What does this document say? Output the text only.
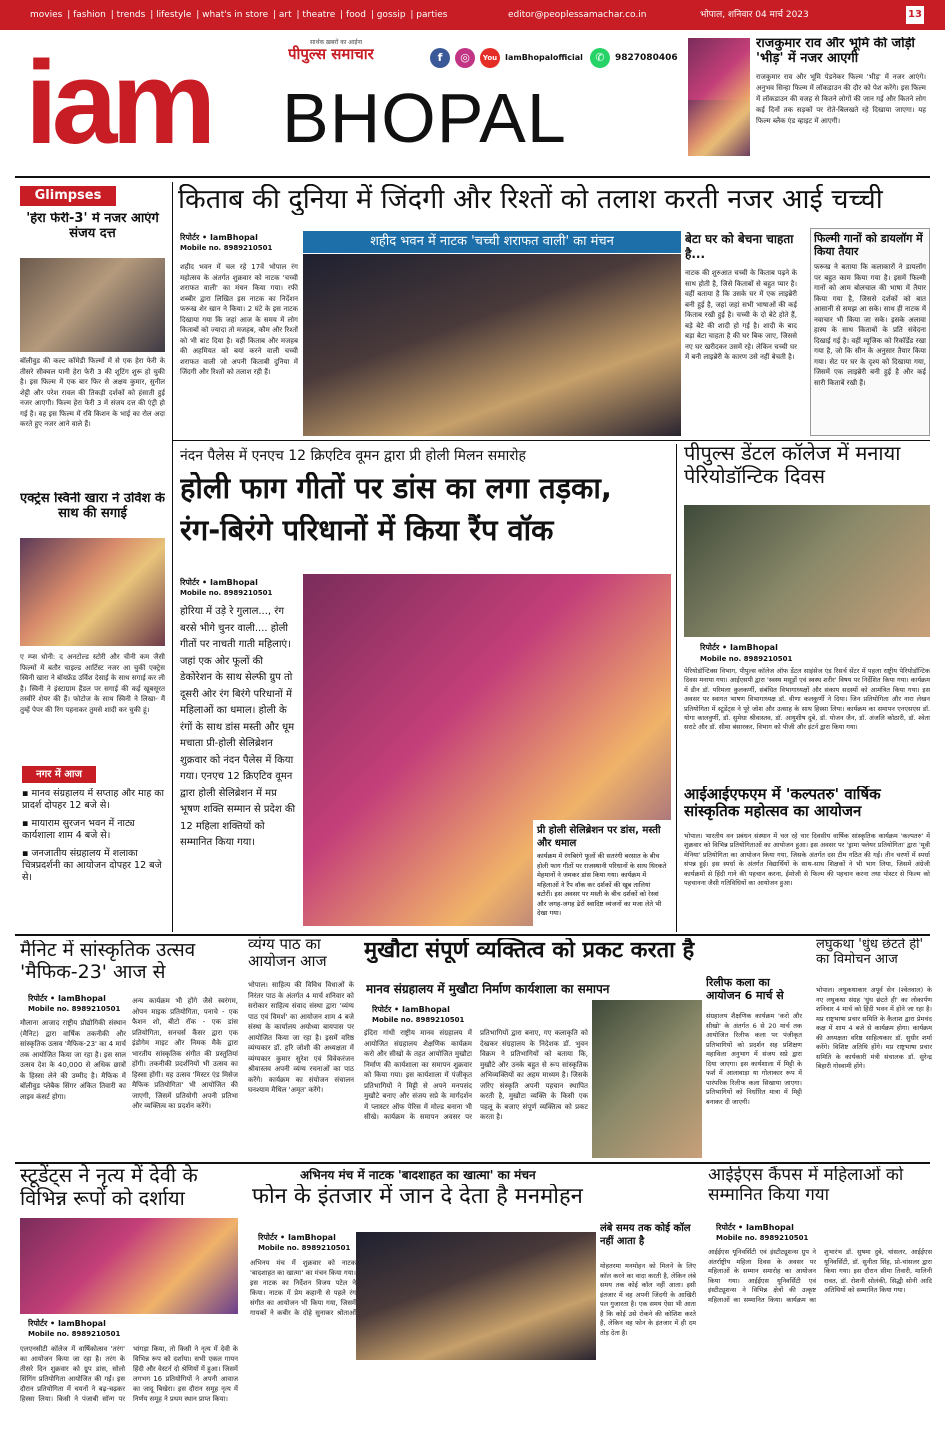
movies | fashion | trends | lifestyle | what's in store | art | theatre | food | gossip | parties	editor@peoplessamachar.co.in	भोपाल, शनिवार 04 मार्च 2023	13
सार्थक ख़बरों का आईना
पीपुल्स समाचार	f	◎	You IamBhopalofficial	✆	9827080406
iam BHOPAL
राजकुमार राव और भूमि की जोड़ी 'भीड़' में नजर आएगी
राजकुमार राव और भूमि पेडनेकर फिल्म 'भीड़' में नजर आएंगे। अनुभव सिन्हा फिल्म में लॉकडाउन की दौर को पेश करेंगे। इस फिल्म में लॉकडाउन की वजह से कितने लोगों की जान गई और कितने लोग कई दिनों तक सड़कों पर रोते-बिलखते रहे दिखाया जाएगा। यह फिल्म ब्लैक एंड व्हाइट में आएगी।
Glimpses
'हेरा फेरी-3' में नजर आएंगे संजय दत्त
बॉलीवुड की कल्ट कॉमेडी फिल्मों में से एक हेरा फेरी के तीसरे सीक्वल यानी हेरा फेरी 3 की शूटिंग शुरू हो चुकी है। इस फिल्म में एक बार फिर से अक्षय कुमार, सुनील शेट्टी और परेश रावल की तिकड़ी दर्शकों को हंसाती हुई नजर आएगी। फिल्म हेरा फेरी 3 में संजय दत्त की एंट्री हो गई है। वह इस फिल्म में रवि किशन के भाई का रोल अदा करते हुए नजर आने वाले हैं।
एक्ट्रेस स्विनी खारा ने उर्विश के साथ की सगाई
ए म्प्स धोनी: द अनटोल्ड स्टोरी और चीनी कम जैसी फिल्मों में बतौर चाइल्ड आर्टिस्ट नजर आ चुकीं एक्ट्रेस स्विनी खारा ने बॉयफ्रेंड उर्विश देसाई के साथ सगाई कर ली है। स्विनी ने इंस्टाग्राम हैंडल पर सगाई की कई खूबसूरत तस्वीरें शेयर की हैं। फोटोज के साथ स्विनी ने लिखा- मैं तुम्हें पेपर की रिंग पहनाकर तुमसे शादी कर चुकी हूं।
नगर में आज
▪ मानव संग्रहालय में सप्ताह और माह का प्रादर्श दोपहर 12 बजे से।
▪ मायाराम सुरजन भवन में नाट्य कार्यशाला शाम 4 बजे से।
▪ जनजातीय संग्रहालय में शलाका चित्रप्रदर्शनी का आयोजन दोपहर 12 बजे से।
किताब की दुनिया में जिंदगी और रिश्तों को तलाश करती नजर आई चच्ची
रिपोर्टर • IamBhopal
Mobile no. 8989210501	शहीद भवन में नाटक 'चच्ची शराफत वाली' का मंचन
शहीद भवन में चल रहे 17वें भोपाल रंग महोत्सव के अंतर्गत शुक्रवार को नाटक 'चच्ची शराफत वाली' का मंचन किया गया। रफी शब्बीर द्वारा लिखित इस नाटक का निर्देशन फरूख शेर खान ने किया। 2 घंटे के इस नाटक दिखाया गया कि जहां आज के समय में लोग किताबों को ज्यादा तो मजहब, कौम और रिश्तों को भी बांट दिया है। वहीं किताब और मजहब की अहमियत को बयां करने वाली चच्ची शराफत वाली जो अपनी किताबी दुनिया में जिंदगी और रिश्तों को तलाश रही हैं।
बेटा घर को बेचना चाहता है...
नाटक की शुरुआत चच्ची के किताब पढ़ने के साथ होती है, जिसे किताबों से बहुत प्यार है। वहीं बताया है कि उसके घर में एक लाइब्रेरी बनी हुई है, जहां जहां सभी भाषाओं की कई किताब रखी हुई है। चच्ची के दो बेटे होते हैं, बड़े बेटे की शादी हो गई है। शादी के बाद बड़ा बेटा चाहता है की घर बिक जाए, जिससे नए घर खरीदकर उसमें रहे। लेकिन चच्ची घर में बनी लाइब्रेरी के कारण उसे नहीं बेचती है।
फिल्मी गानों को डायलॉग में किया तैयार
फरूख ने बताया कि कलाकारों ने डायलॉग पर बहुत काम किया गया है। इसमें फिल्मी गानों को आम बोलचाल की भाषा में तैयार किया गया है, जिससे दर्शकों को बात आसानी से समझ आ सके। साथ ही नाटक में नवाचार भी किया जा सके। इसके अलावा हास्य के साथ किताबों के प्रति संवेदना दिखाई गई है। वहीं म्यूजिक को रिकॉर्डेड रखा गया है, जो कि सीन के अनुसार तैयार किया गया। सेट पर घर के दृश्य को दिखाया गया, जिसमें एक लाइब्रेरी बनी हुई है और कई सारी किताबें रखी हैं।
नंदन पैलेस में एनएच 12 क्रिएटिव वूमन द्वारा प्री होली मिलन समारोह
होली फाग गीतों पर डांस का लगा तड़का,
रंग-बिरंगे परिधानों में किया रैंप वॉक
रिपोर्टर • IamBhopal
Mobile no. 8989210501
होरिया में उड़े रे गुलाल..., रंग बरसे भीगे चुनर वाली.... होली गीतों पर नाचती गाती महिलाएं। जहां एक ओर फूलों की डेकोरेशन के साथ सेल्फी ग्रुप तो दूसरी ओर रंग बिरंगे परिधानों में महिलाओं का धमाल। होली के रंगों के साथ डांस मस्ती और धूम मचाता प्री-होली सेलिब्रेशन शुक्रवार को नंदन पैलेस में किया गया। एनएच 12 क्रिएटिव वूमन द्वारा होली सेलिब्रेशन में मप्र भूषण शक्ति सम्मान से प्रदेश की 12 महिला शक्तियों को सम्मानित किया गया।
प्री होली सेलिब्रेशन पर डांस, मस्ती और धमाल
कार्यक्रम में रंगबिरंगे फूलों की सतरंगी बरसात के बीच होली फाग गीतों पर राजस्थानी परिधानों के साथ थिरकते मेहमानों ने जमकर डांस किया गया। कार्यक्रम में महिलाओं ने रैंप वॉक कर दर्शकों की खूब तालियां बटोरीं। इस अवसर पर मस्ती के बीच दर्शकों को रेस्त्रां और जगह-जगह ढेरों स्वादिष्ट व्यंजनों का मजा लेते भी देखा गया।
पीपुल्स डेंटल कॉलेज में मनाया पेरियोडॉन्टिक दिवस
रिपोर्टर • IamBhopal
Mobile no. 8989210501
पेरियोडॉन्टिक्स विभाग, पीपुल्स कॉलेज ऑफ डेंटल साइंसेज एंड रिसर्च सेंटर में पहला राष्ट्रीय पेरियोडॉन्टिक दिवस मनाया गया। आईएसपी द्वारा 'स्वस्थ मसूड़ों एवं स्वस्थ शरीर' विषय पर निर्देशित किया गया। कार्यक्रम में डीन डॉ. परिमला कुलकर्णी, संबंधित विभागाध्यक्षों और संकाय सदस्यों को आमंत्रित किया गया। इस अवसर पर स्वागत भाषण विभागाध्यक्ष डॉ. वीणा कलकुर्णी ने दिया। जिन प्रतियोगिता और नारा लेखन प्रतियोगिता में स्टूडेंट्स ने पूरे जोश और उत्साह के साथ हिस्सा लिया। कार्यक्रम का समापन एनएसएस डॉ. योगा कालवुर्णी, डॉ. सुमेधा श्रीवास्तव, डॉ. आयुशीष दुबे, डॉ. योजन जैन, डॉ. अंजलि कोठारी, डॉ. श्वेता सराटे और डॉ. सीमा बंसारकर, विभाग को पीजी और इंटर्न द्वारा किया गया।
आईआईएफएम में 'कल्पतरु' वार्षिक सांस्कृतिक महोत्सव का आयोजन
भोपाल। भारतीय वन प्रबंधन संस्थान में चल रहे चार दिवसीय वार्षिक सांस्कृतिक कार्यक्रम 'कल्पतरु' में शुक्रवार को विभिन्न प्रतियोगिताओं का आयोजन हुआ। इस अवसर पर 'ड्रामा फ्लेयर प्रतियोगिता' द्वारा 'मूवी मेनिया' प्रतियोगिता का आयोजन किया गया, जिसके अंतर्गत दस टीम गठित की गईं। तीन चरणों में स्पर्धा संपन्न हुई। इस स्पर्धा के अंतर्गत विद्यार्थियों के साथ-साथ शिक्षकों ने भी भाग लिया, जिसमें अंग्रेजी कार्यक्रमों से हिंदी गाने की पहचान करना, ईमोजी से फिल्म की पहचान करना तथा पोस्टर से फिल्म को पहचानना जैसी गतिविधियों का आयोजन हुआ।
मैनिट में सांस्कृतिक उत्सव 'मैफिक-23' आज से
रिपोर्टर • IamBhopal
Mobile no. 8989210501
मौलाना आजाद राष्ट्रीय प्रौद्योगिकी संस्थान (मैनिट) द्वारा वार्षिक तकनीकी और सांस्कृतिक उत्सव 'मैफिक-23' का 4 मार्च तक आयोजित किया जा रहा है। इस साल उत्सव देश के 40,000 से अधिक छात्रों के हिस्सा लेने की उम्मीद है। मैफिक में बॉलीवुड प्लेबैक सिंगर अंकित तिवारी का लाइव कंसर्ट होगा।
अन्य कार्यक्रम भी होंगे जैसे स्वरंगम, ओपन माइक प्रतियोगिता, पनाचे - एक फैशन शो, बीटो रॉक - एक डांस प्रतियोगिता, सनचर्स कैंसर द्वारा एक इंडोगेम माइट और निमक मैके द्वारा भारतीय सांस्कृतिक संगीत की प्रस्तुतियां होंगी। तकनीकी प्रदर्शनियों भी उत्सव का हिस्सा होंगी। यह उत्सव 'मिस्टर एंड मिसेज मैफिक प्रतियोगिता' भी आयोजित की जाएगी, जिसमें प्रतियोगी अपनी प्रतिभा और व्यक्तित्व का प्रदर्शन करेंगे।
व्यंग्य पाठ का आयोजन आज
भोपाल। साहित्य की विविध विधाओं के निरंतर पाठ के अंतर्गत 4 मार्च शनिवार को सरोकार साहित्य संवाद संस्था द्वारा 'व्यंग्य पाठ एवं विमर्श' का आयोजन शाम 4 बजे संस्था के कार्यालय अयोध्या बायपास पर आयोजित किया जा रहा है। इसमें वरिष्ठ व्यंग्यकार डॉ. हरि जोशी की अध्यक्षता में व्यंग्यकार कुमार सुरेश एवं विवेकरंजन श्रीवास्तव अपनी व्यंग्य रचनाओं का पाठ करेंगे। कार्यक्रम का संयोजन संचालन घनश्याम मैथिल 'अमृत' करेंगे।
मुखौटा संपूर्ण व्यक्तित्व को प्रकट करता है
मानव संग्रहालय में मुखौटा निर्माण कार्यशाला का समापन
रिपोर्टर • IamBhopal
Mobile no. 8989210501
इंदिरा गांधी राष्ट्रीय मानव संग्रहालय में आयोजित संग्रहालय शैक्षणिक कार्यक्रम करो और सीखो के तहत आयोजित मुखौटा निर्माण की कार्यशाला का समापन शुक्रवार को किया गया। इस कार्यशाला में पंजीकृत प्रतिभागियों ने मिट्टी से अपने मनपसंद मुखौटे बनाए और संजय सप्रे के मार्गदर्शन में प्लास्टर ऑफ पेरिस में मोल्ड बनाना भी सीखे। कार्यक्रम के समापन अवसर पर प्रतिभागियों द्वारा बनाए, गए कलाकृति को देखकर संग्रहालय के निदेशक डॉ. भुवन विक्रम ने प्रतिभागियों को बताया कि, मुखौटे और उनके बहुत से रूप सांस्कृतिक अभिव्यक्तियों का अहम माध्यम है। जिसके जरिए संस्कृति अपनी पहचान स्थापित करती है, मुखौटा व्यक्ति के किसी एक पहलू के बजाए संपूर्ण व्यक्तित्व को प्रकट करता है।
रिलीफ कला का आयोजन 6 मार्च से
संग्रहालय शैक्षणिक कार्यक्रम 'करो और सीखो' के अंतर्गत 6 से 20 मार्च तक आयोजित रिलीफ कला पर पंजीकृत प्रतिभागियों को प्रदर्शन सह प्रशिक्षण महाविला अनुभाग में संजय सप्रे द्वारा दिया जाएगा। इस कार्यशाला में मिट्टी के फर्श में आलावाड़ा या गोलाकार रूप में पारंपरिक रिलीफ कला सिखाया जाएगा। प्रतिभागियों को निर्धारित मात्रा में मिट्टी बनाकर दी जाएगी।
लघुकथा 'धुंध छंटते ही' का विमोचन आज
भोपाल। लघुकथाकार अपूर्व सेन (श्वेतवाल) के नए लघुकथा संग्रह 'धुंध छंटते ही' का लोकार्पण शनिवार 4 मार्च को हिंदी भवन में होने जा रहा है। मप्र राष्ट्रभाषा प्रचार समिति के कैलाश द्वारा प्रेमचंद कक्ष में शाम 4 बजे से कार्यक्रम होगा। कार्यक्रम की अध्यक्षता वरिष्ठ साहित्यकार डॉ. सुधीर शर्मा करेंगे। विशिष्ट अतिथि होंगे। मप्र राष्ट्रभाषा प्रचार समिति के कार्यकारी मंत्री संचालक डॉ. सुरेन्द्र बिहारी गोस्वामी होंगे।
स्टूडेंट्स ने नृत्य में देवी के विभिन्न रूपों को दर्शाया
रिपोर्टर • IamBhopal
Mobile no. 8989210501
एलएनसीटी कॉलेज में वार्षिकोत्सव 'तरंग' का आयोजन किया जा रहा है। तरंग के तीसरे दिन शुक्रवार को ग्रुप डांस, सोलो सिंगिंग प्रतियोगिता आयोजित की गईं। इस दौरान प्रतियोगिता में चयनों ने बढ़-चढ़कर हिस्सा लिया। किसी ने पंजाबी सॉन्ग पर भांगड़ा किया, तो किसी ने नृत्य में देवी के विभिन्न रूप को दर्शाया। सभी एकल गायन हिंदी और वेस्टर्न दो श्रेणियों में हुआ। जिसमें लगभग 16 प्रतियोगियों ने अपनी आवाज का जादू बिखेरा। इस दौरान समूह नृत्य में निर्णय समूह ने प्रथम स्थान प्राप्त किया।
अभिनय मंच में नाटक 'बादशाहत का खात्मा' का मंचन
फोन के इंतजार में जान दे देता है मनमोहन
रिपोर्टर • IamBhopal
Mobile no. 8989210501
अभिनय मंच में शुक्रवार को नाटक 'बादशाहत का खात्मा' का मंचन किया गया। इस नाटक का निर्देशन विजय पटेल ने किया। नाटक में प्रेम कहानी से पहले रंग संगीत का आयोजन भी किया गया, जिसमें गायकों ने कबीर के दोहे सुनाकर श्रोताओं
लंबे समय तक कोई कॉल नहीं आता है
मोहतरमा मनमोहन को मिलने के लिए कॉल करने का वादा करती है, लेकिन लंबे समय तक कोई कॉल नहीं आता। इसी इंतजार में वह अपनी जिंदगी के आखिरी पल गुजारता है। एक समय ऐसा भी आता है कि कोई उसे रोकने की कोशिश करते है, लेकिन वह फोन के इंतजार में ही दम तोड़ देता है।
आईईएस कैंपस में महिलाओं को सम्मानित किया गया
रिपोर्टर • IamBhopal
Mobile no. 8989210501
आईईएस यूनिवर्सिटी एवं इंस्टीट्यूशन्स ग्रुप ने अंतर्राष्ट्रीय महिला दिवस के अवसर पर महिलाओं के सम्मान समारोह का आयोजन किया गया। आईईएस यूनिवर्सिटी एवं इंस्टीट्यूशन्स ने विभिन्न क्षेत्रों की उत्कृष्ट महिलाओं का सम्मानित किया। कार्यक्रम का शुभारंभ डॉ. सुषमा दुबे, चांसलर, आईईएस यूनिवर्सिटी, डॉ. सुनीता सिंह, प्रो-चांसलर द्वारा किया गया। इस दौरान सीमा तिवारी, मालिनी रावत, डॉ. रोशनी सोलंकी, सिद्धी सोनी आदि अतिथियों को सम्मानित किया गया।
